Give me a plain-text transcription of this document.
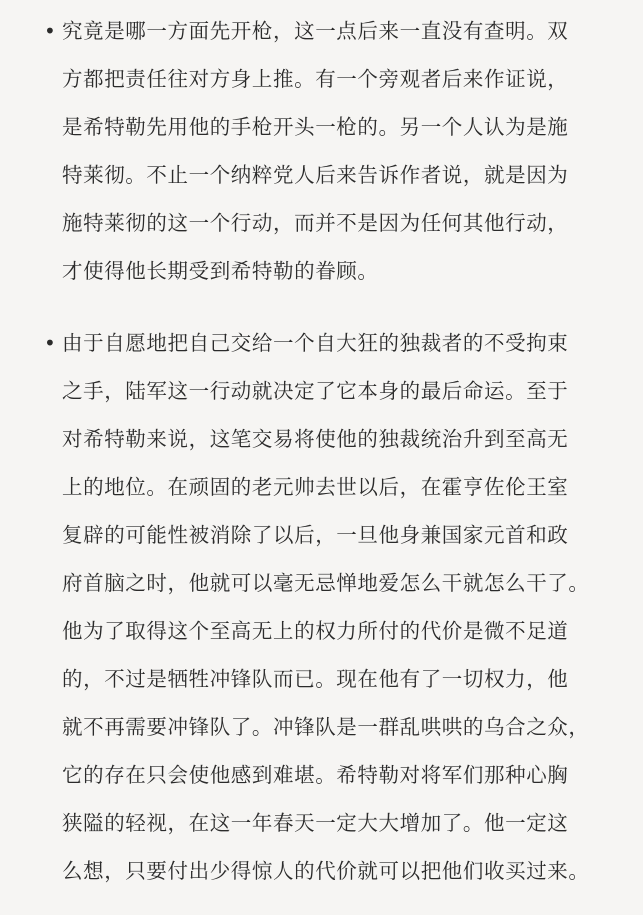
• 究竟是哪一方面先开枪，这一点后来一直没有查明。双
方都把责任往对方身上推。有一个旁观者后来作证说，
是希特勒先用他的手枪开头一枪的。另一个人认为是施
特莱彻。不止一个纳粹党人后来告诉作者说，就是因为
施特莱彻的这一个行动，而并不是因为任何其他行动，
才使得他长期受到希特勒的眷顾。
• 由于自愿地把自己交给一个自大狂的独裁者的不受拘束
之手，陆军这一行动就决定了它本身的最后命运。至于
对希特勒来说，这笔交易将使他的独裁统治升到至高无
上的地位。在顽固的老元帅去世以后，在霍亨佐伦王室
复辟的可能性被消除了以后，一旦他身兼国家元首和政
府首脑之时，他就可以毫无忌惮地爱怎么干就怎么干了。
他为了取得这个至高无上的权力所付的代价是微不足道
的，不过是牺牲冲锋队而已。现在他有了一切权力，他
就不再需要冲锋队了。冲锋队是一群乱哄哄的乌合之众，
它的存在只会使他感到难堪。希特勒对将军们那种心胸
狭隘的轻视，在这一年春天一定大大增加了。他一定这
么想，只要付出少得惊人的代价就可以把他们收买过来。
